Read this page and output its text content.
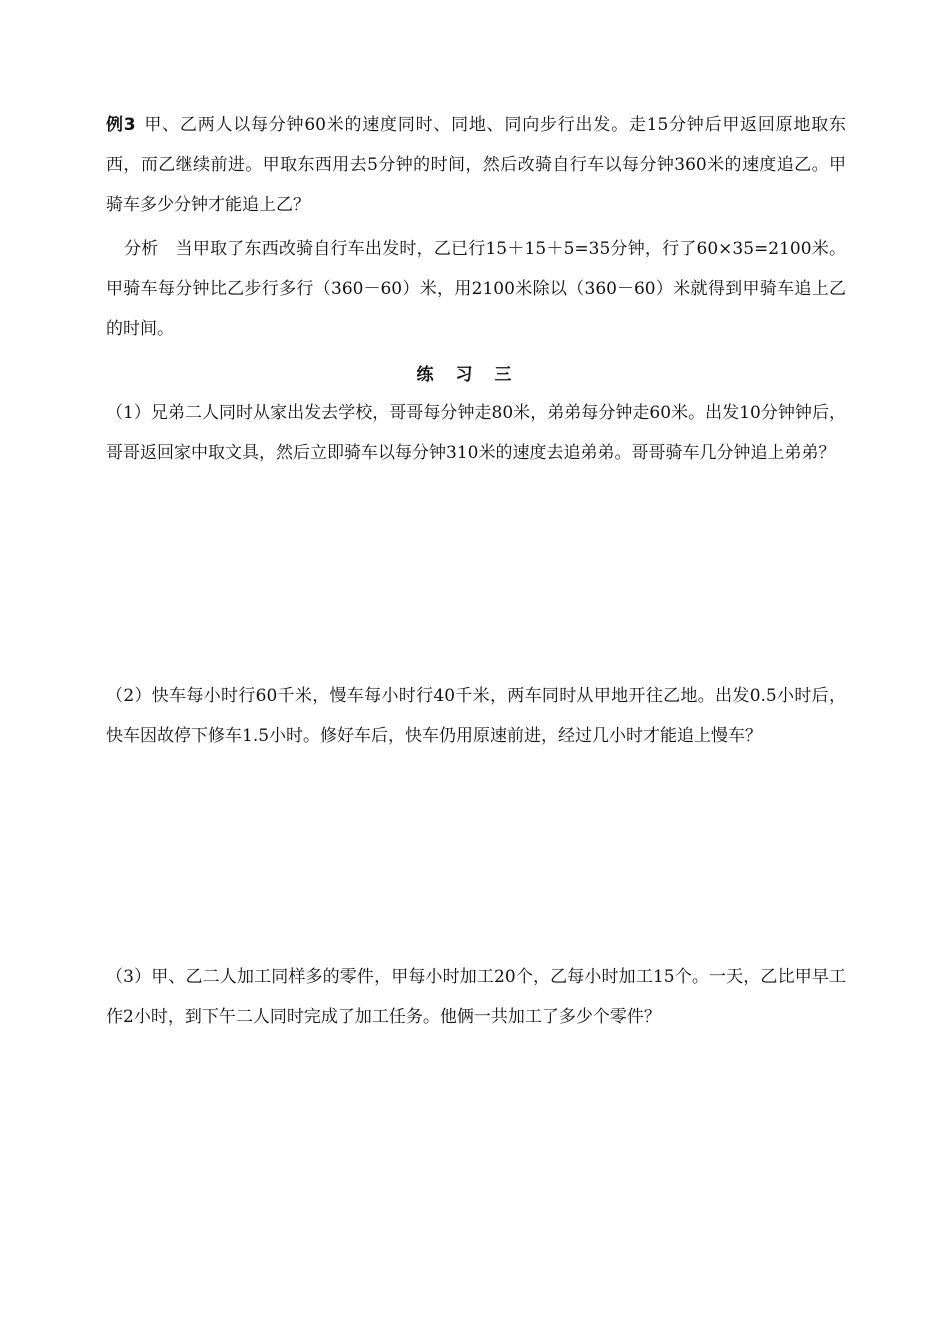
例3 甲、乙两人以每分钟60米的速度同时、同地、同向步行出发。走15分钟后甲返回原地取东西，而乙继续前进。甲取东西用去5分钟的时间，然后改骑自行车以每分钟360米的速度追乙。甲骑车多少分钟才能追上乙？

分析　当甲取了东西改骑自行车出发时，乙已行15＋15＋5=35分钟，行了60×35=2100米。甲骑车每分钟比乙步行多行（360－60）米，用2100米除以（360－60）米就得到甲骑车追上乙的时间。

练习三

（1）兄弟二人同时从家出发去学校，哥哥每分钟走80米，弟弟每分钟走60米。出发10分钟钟后，哥哥返回家中取文具，然后立即骑车以每分钟310米的速度去追弟弟。哥哥骑车几分钟追上弟弟？

（2）快车每小时行60千米，慢车每小时行40千米，两车同时从甲地开往乙地。出发0.5小时后，快车因故停下修车1.5小时。修好车后，快车仍用原速前进，经过几小时才能追上慢车？

（3）甲、乙二人加工同样多的零件，甲每小时加工20个，乙每小时加工15个。一天，乙比甲早工作2小时，到下午二人同时完成了加工任务。他俩一共加工了多少个零件？
